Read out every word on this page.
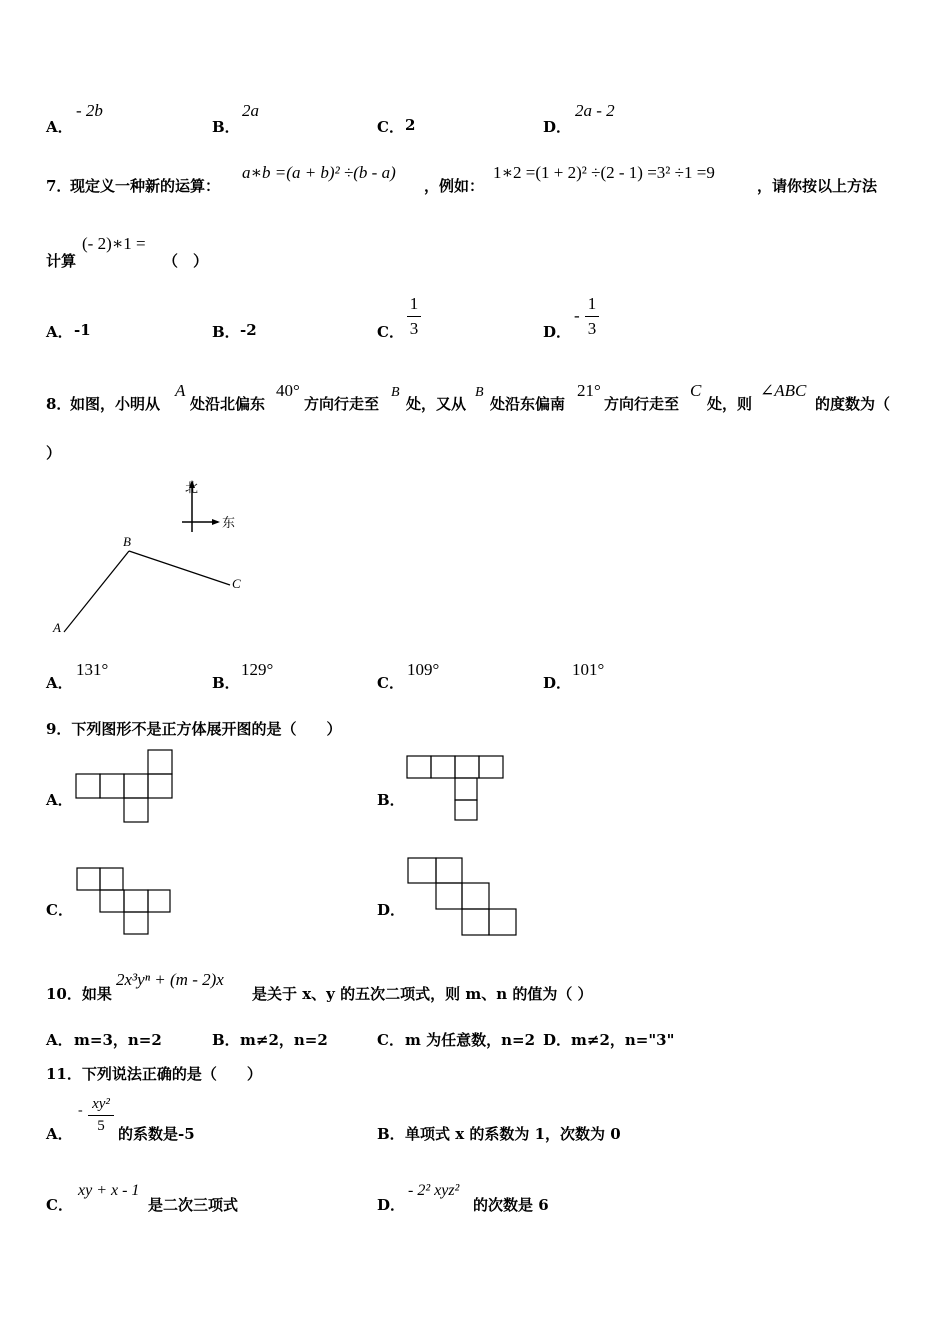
A．
- 2b
B．
2a
C． 2	D．
2a - 2
7．
现定义一种新的运算：
a∗b =(a + b)² ÷(b - a)
，例如：
1∗2 =(1 + 2)² ÷(2 - 1) =3² ÷1 =9
，请你按以上方法
计算
(- 2)∗1 =
（　）
A． -1	B． -2	C．
1
3	D．
-
1
3
8．
如图，小明从
A
处沿北偏东
40°
方向行走至
B
处，又从
B
处沿东偏南
21°
方向行走至
C
处，则
∠ABC
的度数为（
）
北
东
A
B
C
A．
131°
B．
129°
C．
109°
D．
101°
9．下列图形不是正方体展开图的是（　　）
A．	B．
C．	D．
10．如果
2x³yⁿ + (m - 2)x
是关于 x、y 的五次二项式，则 m、n 的值为（ ）
A． m=3，n=2	B． m≠2，n=2	C． m 为任意数，n=2 D． m≠2，n="3"
11．下列说法正确的是（　　）
A．
- xy²
5 的系数是-5	B． 单项式 x 的系数为 1，次数为 0
C．
xy + x - 1
是二次三项式	D．
- 2² xyz²
的次数是 6
